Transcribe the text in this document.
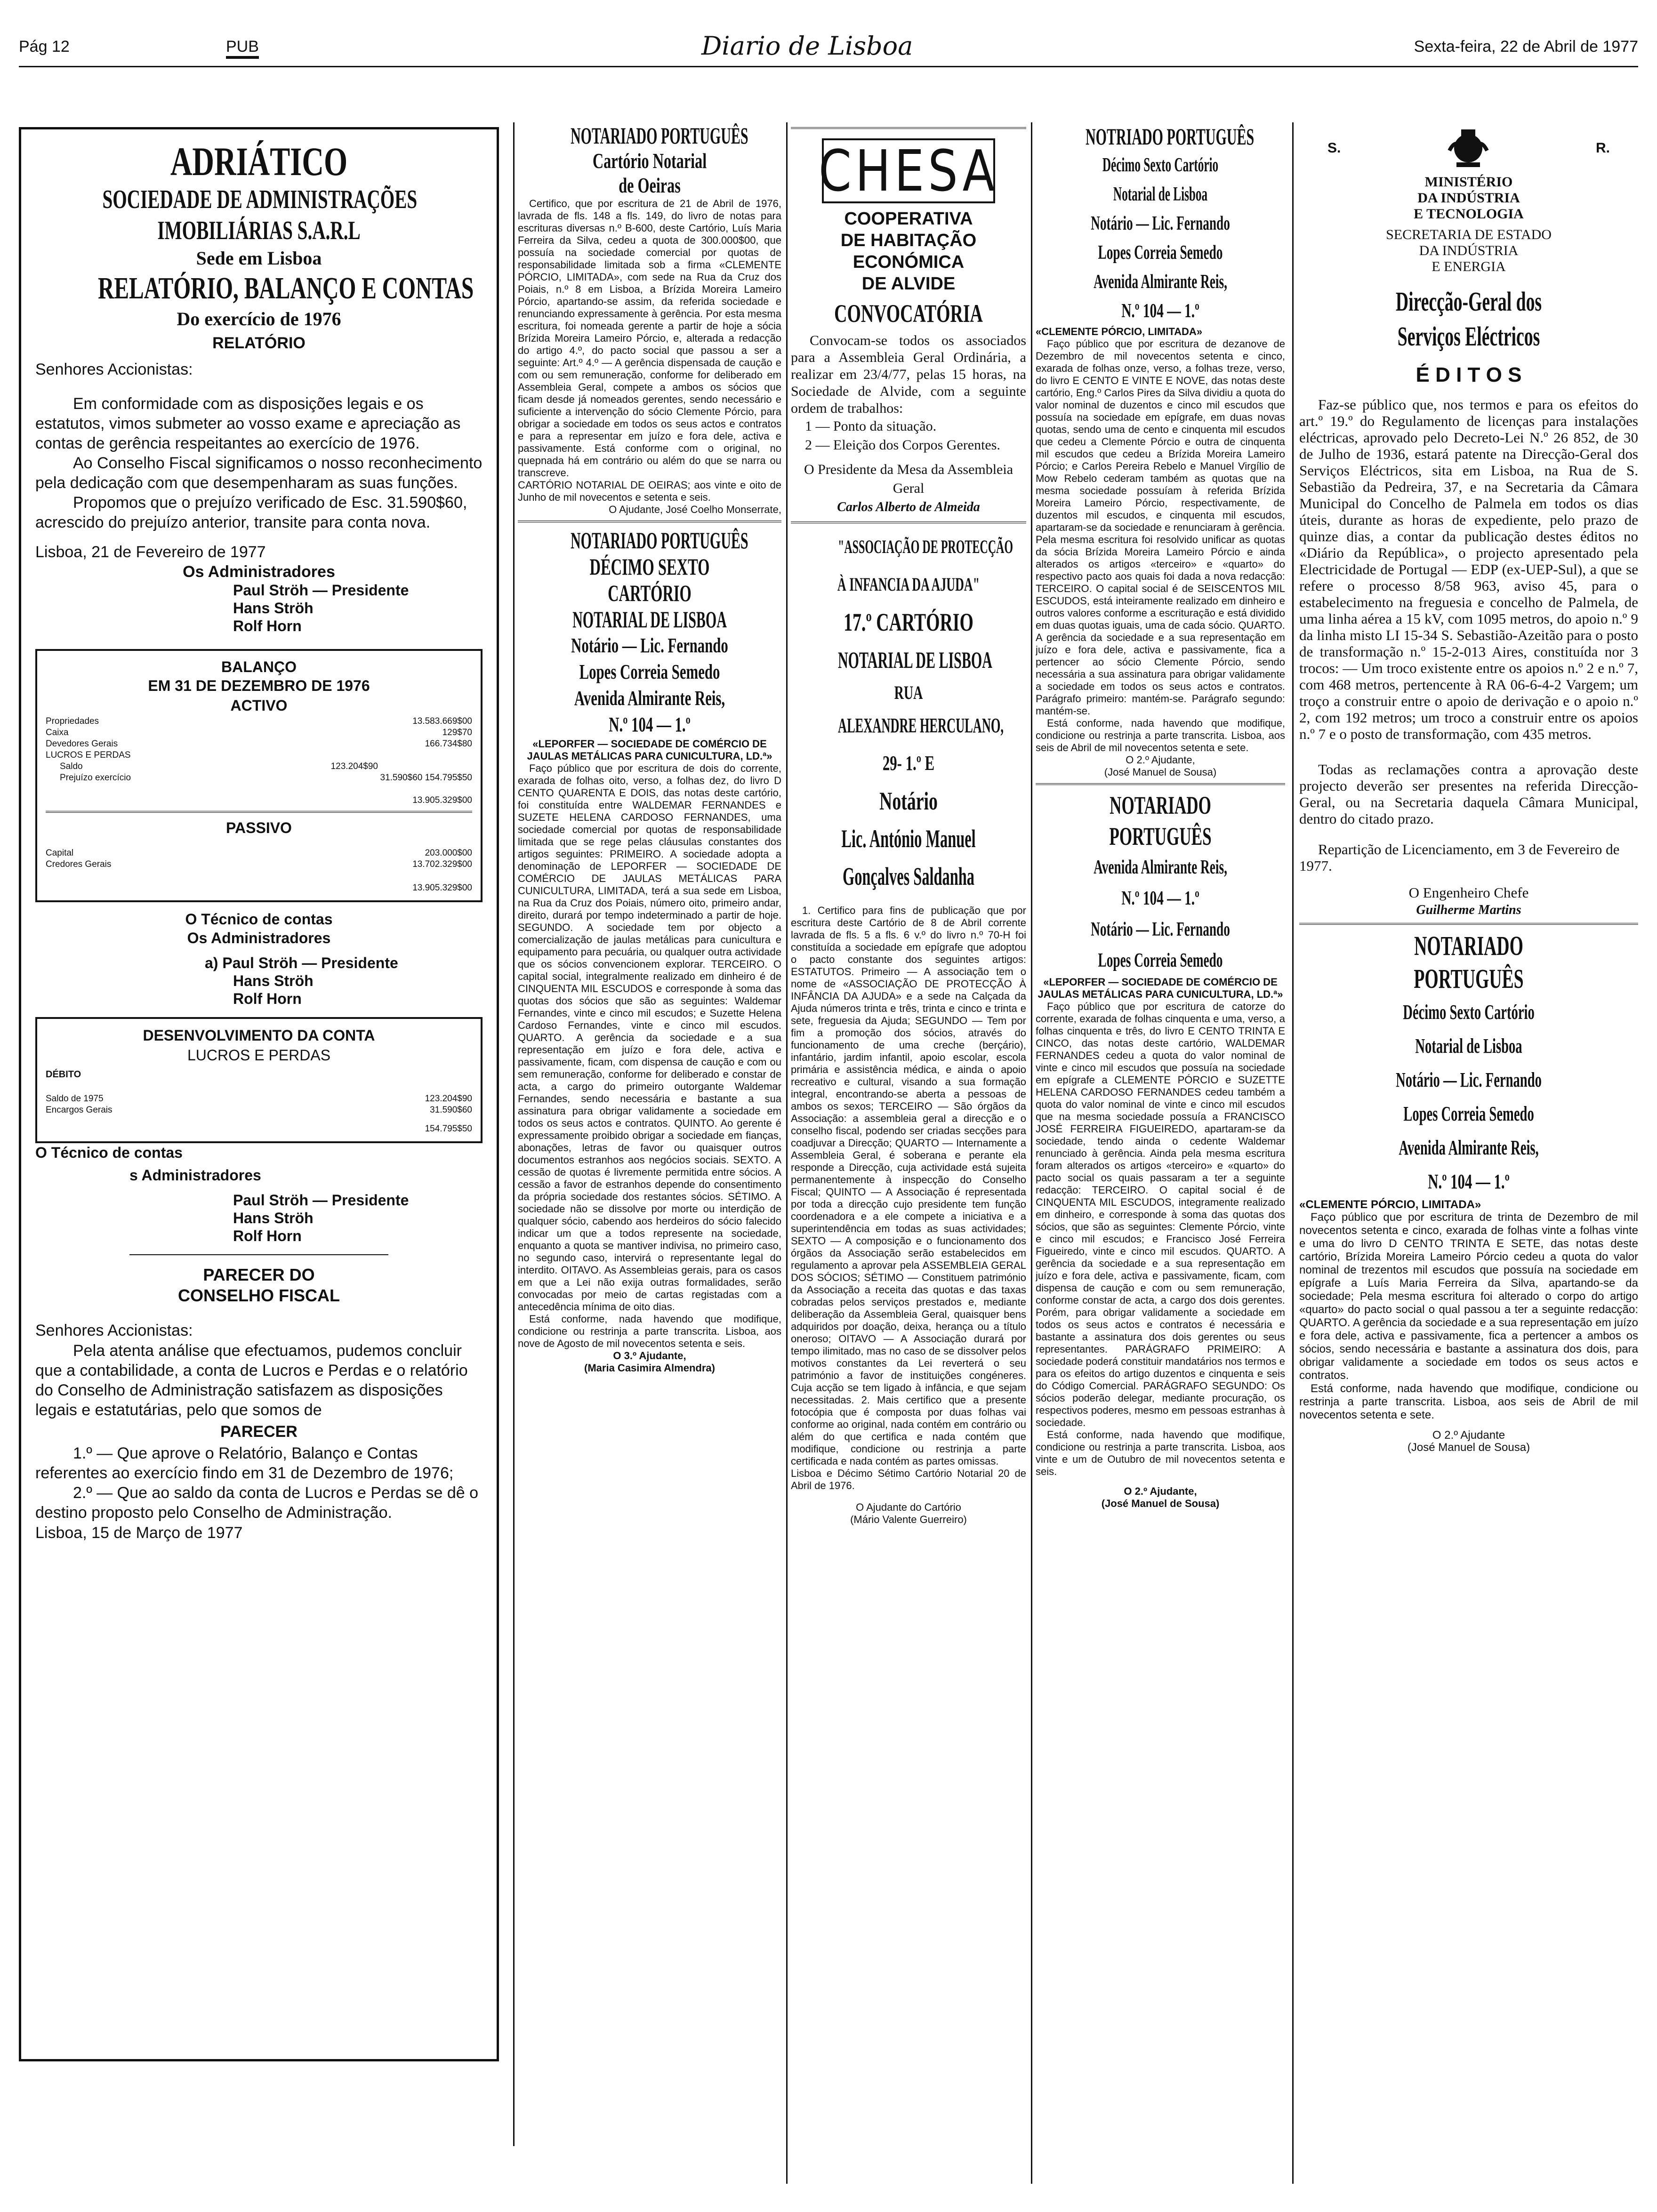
Pág 12	PUB	Diario de Lisboa	Sexta-feira, 22 de Abril de 1977

ADRIÁTICO

SOCIEDADE DE ADMINISTRAÇÕES

IMOBILIÁRIAS S.A.R.L

Sede em Lisboa

RELATÓRIO, BALANÇO E CONTAS

Do exercício de 1976

RELATÓRIO

Senhores Accionistas:

Em conformidade com as disposições legais e os estatutos, vimos submeter ao vosso exame e apreciação as contas de gerência respeitantes ao exercício de 1976.

Ao Conselho Fiscal significamos o nosso reconhecimento pela dedicação com que desempenharam as suas funções.

Propomos que o prejuízo verificado de Esc. 31.590$60, acrescido do prejuízo anterior, transite para conta nova.

Lisboa, 21 de Fevereiro de 1977

Os Administradores

Paul Ströh — Presidente

Hans Ströh

Rolf Horn

BALANÇO

EM 31 DE DEZEMBRO DE 1976

ACTIVO

Propriedades	13.583.669$00
Caixa	129$70
Devedores Gerais	166.734$80
LUCROS E PERDAS
Saldo	123.204$90
Prejuízo exercício	31.590$60 154.795$50
13.905.329$00

PASSIVO

Capital	203.000$00
Credores Gerais	13.702.329$00
13.905.329$00

O Técnico de contas

Os Administradores

a) Paul Ströh — Presidente

Hans Ströh

Rolf Horn

DESENVOLVIMENTO DA CONTA

LUCROS E PERDAS

DÉBITO

Saldo de 1975	123.204$90
Encargos Gerais	31.590$60
154.795$50

O Técnico de contas

s Administradores

Paul Ströh — Presidente

Hans Ströh

Rolf Horn

PARECER DO CONSELHO FISCAL

Senhores Accionistas:

Pela atenta análise que efectuamos, pudemos concluir que a contabilidade, a conta de Lucros e Perdas e o relatório do Conselho de Administração satisfazem as disposições legais e estatutárias, pelo que somos de

PARECER

1.º — Que aprove o Relatório, Balanço e Contas referentes ao exercício findo em 31 de Dezembro de 1976;

2.º — Que ao saldo da conta de Lucros e Perdas se dê o destino proposto pelo Conselho de Administração.

Lisboa, 15 de Março de 1977

NOTARIADO PORTUGUÊS

Cartório Notarial

de Oeiras

Certifico, que por escritura de 21 de Abril de 1976, lavrada de fls. 148 a fls. 149, do livro de notas para escrituras diversas n.º B-600, deste Cartório, Luís Maria Ferreira da Silva, cedeu a quota de 300.000$00, que possuía na sociedade comercial por quotas de responsabilidade limitada sob a firma «CLEMENTE PÓRCIO, LIMITADA», com sede na Rua da Cruz dos Poiais, n.º 8 em Lisboa, a Brízida Moreira Lameiro Pórcio, apartando-se assim, da referida sociedade e renunciando expressamente à gerência. Por esta mesma escritura, foi nomeada gerente a partir de hoje a sócia Brízida Moreira Lameiro Pórcio, e, alterada a redacção do artigo 4.º, do pacto social que passou a ser a seguinte: Art.º 4.º — A gerência dispensada de caução e com ou sem remuneração, conforme for deliberado em Assembleia Geral, compete a ambos os sócios que ficam desde já nomeados gerentes, sendo necessário e suficiente a intervenção do sócio Clemente Pórcio, para obrigar a sociedade em todos os seus actos e contratos e para a representar em juízo e fora dele, activa e passivamente. Está conforme com o original, no quepnada há em contrário ou além do que se narra ou transcreve.

CARTÓRIO NOTARIAL DE OEIRAS; aos vinte e oito de Junho de mil novecentos e setenta e seis.

O Ajudante, José Coelho Monserrate,

NOTARIADO PORTUGUÊS

DÉCIMO SEXTO

CARTÓRIO

NOTARIAL DE LISBOA

Notário — Lic. Fernando

Lopes Correia Semedo

Avenida Almirante Reis,

N.º 104 — 1.º

«LEPORFER — SOCIEDADE DE COMÉRCIO DE JAULAS METÁLICAS PARA CUNICULTURA, LD.ª»

Faço público que por escritura de dois do corrente, exarada de folhas oito, verso, a folhas dez, do livro D CENTO QUARENTA E DOIS, das notas deste cartório, foi constituída entre WALDEMAR FERNANDES e SUZETE HELENA CARDOSO FERNANDES, uma sociedade comercial por quotas de responsabilidade limitada que se rege pelas cláusulas constantes dos artigos seguintes: PRIMEIRO. A sociedade adopta a denominação de LEPORFER — SOCIEDADE DE COMÉRCIO DE JAULAS METÁLICAS PARA CUNICULTURA, LIMITADA, terá a sua sede em Lisboa, na Rua da Cruz dos Poiais, número oito, primeiro andar, direito, durará por tempo indeterminado a partir de hoje. SEGUNDO. A sociedade tem por objecto a comercialização de jaulas metálicas para cunicultura e equipamento para pecuária, ou qualquer outra actividade que os sócios convencionem explorar. TERCEIRO. O capital social, integralmente realizado em dinheiro é de CINQUENTA MIL ESCUDOS e corresponde à soma das quotas dos sócios que são as seguintes: Waldemar Fernandes, vinte e cinco mil escudos; e Suzette Helena Cardoso Fernandes, vinte e cinco mil escudos. QUARTO. A gerência da sociedade e a sua representação em juízo e fora dele, activa e passivamente, ficam, com dispensa de caução e com ou sem remuneração, conforme for deliberado e constar de acta, a cargo do primeiro outorgante Waldemar Fernandes, sendo necessária e bastante a sua assinatura para obrigar validamente a sociedade em todos os seus actos e contratos. QUINTO. Ao gerente é expressamente proibido obrigar a sociedade em fianças, abonações, letras de favor ou quaisquer outros documentos estranhos aos negócios sociais. SEXTO. A cessão de quotas é livremente permitida entre sócios. A cessão a favor de estranhos depende do consentimento da própria sociedade dos restantes sócios. SÉTIMO. A sociedade não se dissolve por morte ou interdição de qualquer sócio, cabendo aos herdeiros do sócio falecido indicar um que a todos represente na sociedade, enquanto a quota se mantiver indivisa, no primeiro caso, no segundo caso, intervirá o representante legal do interdito. OITAVO. As Assembleias gerais, para os casos em que a Lei não exija outras formalidades, serão convocadas por meio de cartas registadas com a antecedência mínima de oito dias.

Está conforme, nada havendo que modifique, condicione ou restrinja a parte transcrita. Lisboa, aos nove de Agosto de mil novecentos setenta e seis.

O 3.º Ajudante,

(Maria Casimira Almendra)

CHESA

COOPERATIVA

DE HABITAÇÃO

ECONÓMICA

DE ALVIDE

CONVOCATÓRIA

Convocam-se todos os associados para a Assembleia Geral Ordinária, a realizar em 23/4/77, pelas 15 horas, na Sociedade de Alvide, com a seguinte ordem de trabalhos:

1 — Ponto da situação.

2 — Eleição dos Corpos Gerentes.

O Presidente da Mesa da Assembleia Geral

Carlos Alberto de Almeida

"ASSOCIAÇÃO DE PROTECÇÃO

À INFANCIA DA AJUDA"

17.º CARTÓRIO

NOTARIAL DE LISBOA

RUA

ALEXANDRE HERCULANO,

29- 1.º E

Notário

Lic. António Manuel

Gonçalves Saldanha

1. Certifico para fins de publicação que por escritura deste Cartório de 8 de Abril corrente lavrada de fls. 5 a fls. 6 v.º do livro n.º 70-H foi constituída a sociedade em epígrafe que adoptou o pacto constante dos seguintes artigos: ESTATUTOS. Primeiro — A associação tem o nome de «ASSOCIAÇÃO DE PROTECÇÃO À INFÂNCIA DA AJUDA» e a sede na Calçada da Ajuda números trinta e três, trinta e cinco e trinta e sete, freguesia da Ajuda; SEGUNDO — Tem por fim a promoção dos sócios, através do funcionamento de uma creche (berçário), infantário, jardim infantil, apoio escolar, escola primária e assistência médica, e ainda o apoio recreativo e cultural, visando a sua formação integral, encontrando-se aberta a pessoas de ambos os sexos; TERCEIRO — São órgãos da Associação: a assembleia geral a direcção e o conselho fiscal, podendo ser criadas secções para coadjuvar a Direcção; QUARTO — Internamente a Assembleia Geral, é soberana e perante ela responde a Direcção, cuja actividade está sujeita permanentemente à inspecção do Conselho Fiscal; QUINTO — A Associação é representada por toda a direcção cujo presidente tem função coordenadora e a ele compete a iniciativa e a superintendência em todas as suas actividades; SEXTO — A composição e o funcionamento dos órgãos da Associação serão estabelecidos em regulamento a aprovar pela ASSEMBLEIA GERAL DOS SÓCIOS; SÉTIMO — Constituem património da Associação a receita das quotas e das taxas cobradas pelos serviços prestados e, mediante deliberação da Assembleia Geral, quaisquer bens adquiridos por doação, deixa, herança ou a título oneroso; OITAVO — A Associação durará por tempo ilimitado, mas no caso de se dissolver pelos motivos constantes da Lei reverterá o seu património a favor de instituições congéneres. Cuja acção se tem ligado à infância, e que sejam necessitadas. 2. Mais certifico que a presente fotocópia que é composta por duas folhas vai conforme ao original, nada contém em contrário ou além do que certifica e nada contém que modifique, condicione ou restrinja a parte certificada e nada contém as partes omissas.

Lisboa e Décimo Sétimo Cartório Notarial 20 de Abril de 1976.

O Ajudante do Cartório

(Mário Valente Guerreiro)

NOTRIADO PORTUGUÊS

Décimo Sexto Cartório

Notarial de Lisboa

Notário — Lic. Fernando

Lopes Correia Semedo

Avenida Almirante Reis,

N.º 104 — 1.º

«CLEMENTE PÓRCIO, LIMITADA»

Faço público que por escritura de dezanove de Dezembro de mil novecentos setenta e cinco, exarada de folhas onze, verso, a folhas treze, verso, do livro E CENTO E VINTE E NOVE, das notas deste cartório, Eng.º Carlos Pires da Silva dividiu a quota do valor nominal de duzentos e cinco mil escudos que possuía na sociedade em epígrafe, em duas novas quotas, sendo uma de cento e cinquenta mil escudos que cedeu a Clemente Pórcio e outra de cinquenta mil escudos que cedeu a Brízida Moreira Lameiro Pórcio; e Carlos Pereira Rebelo e Manuel Virgílio de Mow Rebelo cederam também as quotas que na mesma sociedade possuíam à referida Brízida Moreira Lameiro Pórcio, respectivamente, de duzentos mil escudos, e cinquenta mil escudos, apartaram-se da sociedade e renunciaram à gerência. Pela mesma escritura foi resolvido unificar as quotas da sócia Brízida Moreira Lameiro Pórcio e ainda alterados os artigos «terceiro» e «quarto» do respectivo pacto aos quais foi dada a nova redacção: TERCEIRO. O capital social é de SEISCENTOS MIL ESCUDOS, está inteiramente realizado em dinheiro e outros valores conforme a escrituração e está dividido em duas quotas iguais, uma de cada sócio. QUARTO. A gerência da sociedade e a sua representação em juízo e fora dele, activa e passivamente, fica a pertencer ao sócio Clemente Pórcio, sendo necessária a sua assinatura para obrigar validamente a sociedade em todos os seus actos e contratos. Parágrafo primeiro: mantém-se. Parágrafo segundo: mantém-se.

Está conforme, nada havendo que modifique, condicione ou restrinja a parte transcrita. Lisboa, aos seis de Abril de mil novecentos setenta e sete.

O 2.º Ajudante,

(José Manuel de Sousa)

NOTARIADO

PORTUGUÊS

Avenida Almirante Reis,

N.º 104 — 1.º

Notário — Lic. Fernando

Lopes Correia Semedo

«LEPORFER — SOCIEDADE DE COMÉRCIO DE JAULAS METÁLICAS PARA CUNICULTURA, LD.ª»

Faço público que por escritura de catorze do corrente, exarada de folhas cinquenta e uma, verso, a folhas cinquenta e três, do livro E CENTO TRINTA E CINCO, das notas deste cartório, WALDEMAR FERNANDES cedeu a quota do valor nominal de vinte e cinco mil escudos que possuía na sociedade em epígrafe a CLEMENTE PÓRCIO e SUZETTE HELENA CARDOSO FERNANDES cedeu também a quota do valor nominal de vinte e cinco mil escudos que na mesma sociedade possuía a FRANCISCO JOSÉ FERREIRA FIGUEIREDO, apartaram-se da sociedade, tendo ainda o cedente Waldemar renunciado à gerência. Ainda pela mesma escritura foram alterados os artigos «terceiro» e «quarto» do pacto social os quais passaram a ter a seguinte redacção: TERCEIRO. O capital social é de CINQUENTA MIL ESCUDOS, integramente realizado em dinheiro, e corresponde à soma das quotas dos sócios, que são as seguintes: Clemente Pórcio, vinte e cinco mil escudos; e Francisco José Ferreira Figueiredo, vinte e cinco mil escudos. QUARTO. A gerência da sociedade e a sua representação em juízo e fora dele, activa e passivamente, ficam, com dispensa de caução e com ou sem remuneração, conforme constar de acta, a cargo dos dois gerentes. Porém, para obrigar validamente a sociedade em todos os seus actos e contratos é necessária e bastante a assinatura dos dois gerentes ou seus representantes. PARÁGRAFO PRIMEIRO: A sociedade poderá constituir mandatários nos termos e para os efeitos do artigo duzentos e cinquenta e seis do Código Comercial. PARÁGRAFO SEGUNDO: Os sócios poderão delegar, mediante procuração, os respectivos poderes, mesmo em pessoas estranhas à sociedade.

Está conforme, nada havendo que modifique, condicione ou restrinja a parte transcrita. Lisboa, aos vinte e um de Outubro de mil novecentos setenta e seis.

O 2.º Ajudante,

(José Manuel de Sousa)

S.	R.

MINISTÉRIO

DA INDÚSTRIA

E TECNOLOGIA

SECRETARIA DE ESTADO

DA INDÚSTRIA

E ENERGIA

Direcção-Geral dos

Serviços Eléctricos

É D I T O S

Faz-se público que, nos termos e para os efeitos do art.º 19.º do Regulamento de licenças para instalações eléctricas, aprovado pelo Decreto-Lei N.º 26 852, de 30 de Julho de 1936, estará patente na Direcção-Geral dos Serviços Eléctricos, sita em Lisboa, na Rua de S. Sebastião da Pedreira, 37, e na Secretaria da Câmara Municipal do Concelho de Palmela em todos os dias úteis, durante as horas de expediente, pelo prazo de quinze dias, a contar da publicação destes éditos no «Diário da República», o projecto apresentado pela Electricidade de Portugal — EDP (ex-UEP-Sul), a que se refere o processo 8/58 963, aviso 45, para o estabelecimento na freguesia e concelho de Palmela, de uma linha aérea a 15 kV, com 1095 metros, do apoio n.º 9 da linha misto LI 15-34 S. Sebastião-Azeitão para o posto de transformação n.º 15-2-013 Aires, constituída nor 3 trocos: — Um troco existente entre os apoios n.º 2 e n.º 7, com 468 metros, pertencente à RA 06-6-4-2 Vargem; um troço a construir entre o apoio de derivação e o apoio n.º 2, com 192 metros; um troco a construir entre os apoios n.º 7 e o posto de transformação, com 435 metros.

Todas as reclamações contra a aprovação deste projecto deverão ser presentes na referida Direcção-Geral, ou na Secretaria daquela Câmara Municipal, dentro do citado prazo.

Repartição de Licenciamento, em 3 de Fevereiro de 1977.

O Engenheiro Chefe

Guilherme Martins

NOTARIADO

PORTUGUÊS

Décimo Sexto Cartório

Notarial de Lisboa

Notário — Lic. Fernando

Lopes Correia Semedo

Avenida Almirante Reis,

N.º 104 — 1.º

«CLEMENTE PÓRCIO, LIMITADA»

Faço público que por escritura de trinta de Dezembro de mil novecentos setenta e cinco, exarada de folhas vinte a folhas vinte e uma do livro D CENTO TRINTA E SETE, das notas deste cartório, Brízida Moreira Lameiro Pórcio cedeu a quota do valor nominal de trezentos mil escudos que possuía na sociedade em epígrafe a Luís Maria Ferreira da Silva, apartando-se da sociedade; Pela mesma escritura foi alterado o corpo do artigo «quarto» do pacto social o qual passou a ter a seguinte redacção: QUARTO. A gerência da sociedade e a sua representação em juízo e fora dele, activa e passivamente, fica a pertencer a ambos os sócios, sendo necessária e bastante a assinatura dos dois, para obrigar validamente a sociedade em todos os seus actos e contratos.

Está conforme, nada havendo que modifique, condicione ou restrinja a parte transcrita. Lisboa, aos seis de Abril de mil novecentos setenta e sete.

O 2.º Ajudante

(José Manuel de Sousa)
